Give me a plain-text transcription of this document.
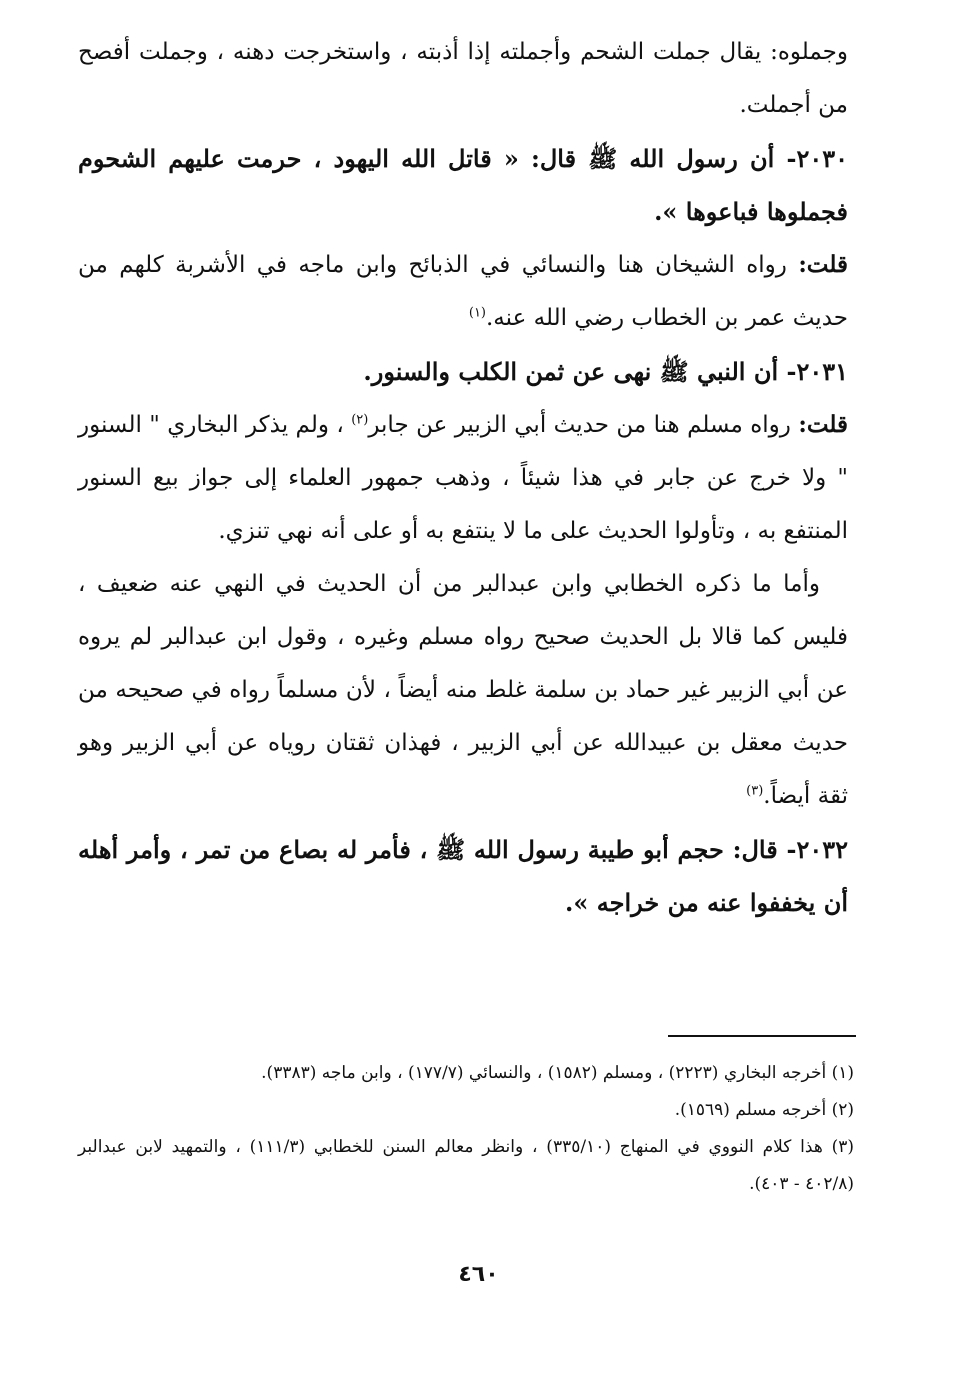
وجملوه: يقال جملت الشحم وأجملته إذا أذبته ، واستخرجت دهنه ، وجملت أفصح من أجملت.

٢٠٣٠- أن رسول الله ﷺ قال: « قاتل الله اليهود ، حرمت عليهم الشحوم فجملوها فباعوها ».

قلت: رواه الشيخان هنا والنسائي في الذبائح وابن ماجه في الأشربة كلهم من حديث عمر بن الخطاب رضي الله عنه.$^{(١)}$

٢٠٣١- أن النبي ﷺ نهى عن ثمن الكلب والسنور.

قلت: رواه مسلم هنا من حديث أبي الزبير عن جابر$^{(٢)}$ ، ولم يذكر البخاري " السنور " ولا خرج عن جابر في هذا شيئاً ، وذهب جمهور العلماء إلى جواز بيع السنور المنتفع به ، وتأولوا الحديث على ما لا ينتفع به أو على أنه نهي تنزي.

وأما ما ذكره الخطابي وابن عبدالبر من أن الحديث في النهي عنه ضعيف ، فليس كما قالا بل الحديث صحيح رواه مسلم وغيره ، وقول ابن عبدالبر لم يروه عن أبي الزبير غير حماد بن سلمة غلط منه أيضاً ، لأن مسلماً رواه في صحيحه من حديث معقل بن عبيدالله عن أبي الزبير ، فهذان ثقتان روياه عن أبي الزبير وهو ثقة أيضاً.$^{(٣)}$

٢٠٣٢- قال: حجم أبو طيبة رسول الله ﷺ ، فأمر له بصاع من تمر ، وأمر أهله أن يخففوا عنه من خراجه ».

(١) أخرجه البخاري (٢٢٢٣) ، ومسلم (١٥٨٢) ، والنسائي (١٧٧/٧) ، وابن ماجه (٣٣٨٣).

(٢) أخرجه مسلم (١٥٦٩).

(٣) هذا كلام النووي في المنهاج (٣٣٥/١٠) ، وانظر معالم السنن للخطابي (١١١/٣) ، والتمهيد لابن عبدالبر (٤٠٢/٨ - ٤٠٣).

٤٦٠
